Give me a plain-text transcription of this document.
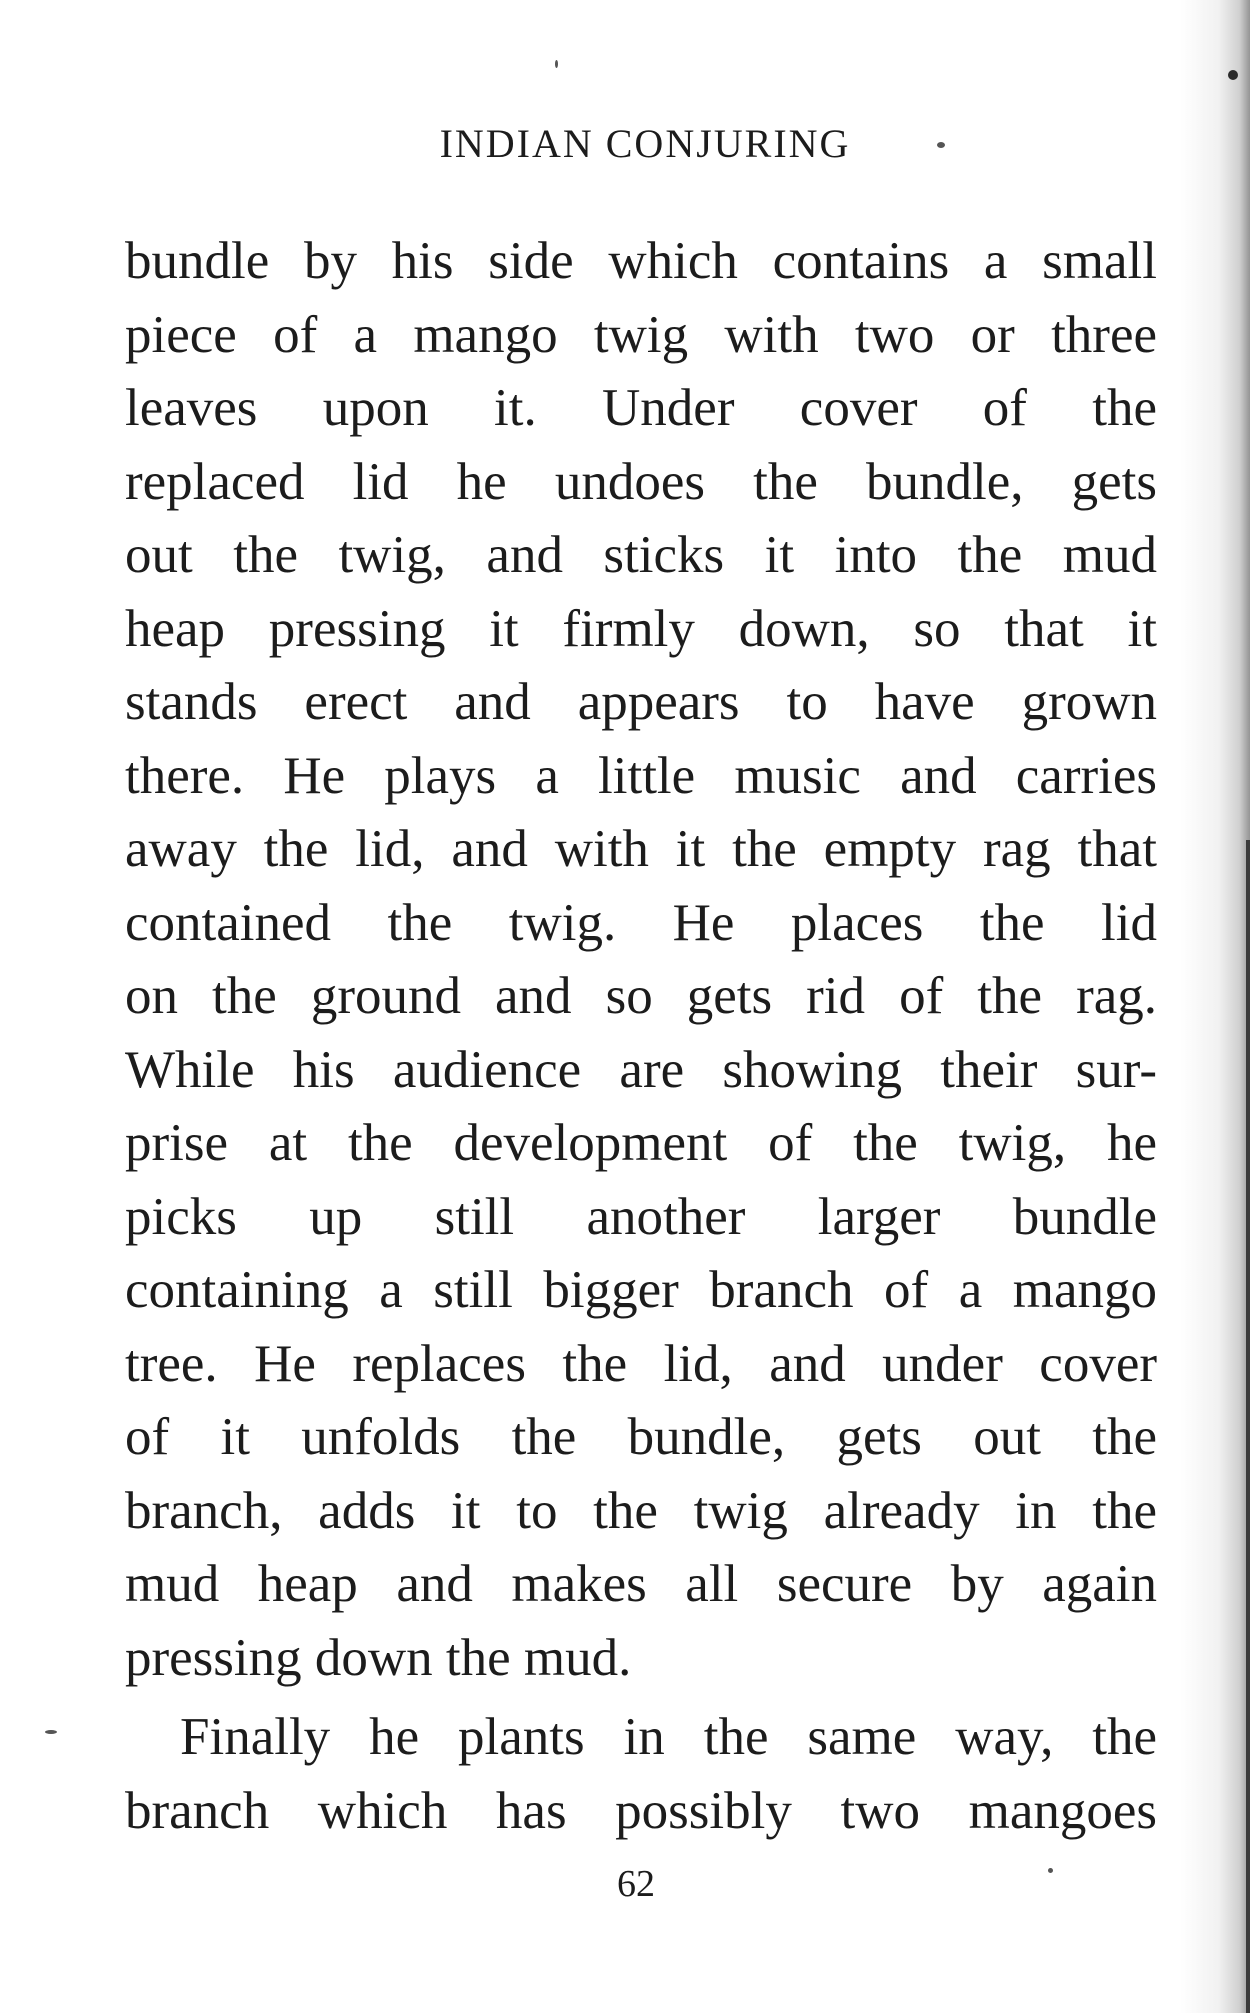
INDIAN CONJURING
bundle by his side which contains a small
piece of a mango twig with two or three
leaves upon it. Under cover of the
replaced lid he undoes the bundle, gets
out the twig, and sticks it into the mud
heap pressing it firmly down, so that it
stands erect and appears to have grown
there. He plays a little music and carries
away the lid, and with it the empty rag that
contained the twig. He places the lid
on the ground and so gets rid of the rag.
While his audience are showing their sur-
prise at the development of the twig, he
picks up still another larger bundle
containing a still bigger branch of a mango
tree. He replaces the lid, and under cover
of it unfolds the bundle, gets out the
branch, adds it to the twig already in the
mud heap and makes all secure by again
pressing down the mud.
Finally he plants in the same way, the
branch which has possibly two mangoes
62
